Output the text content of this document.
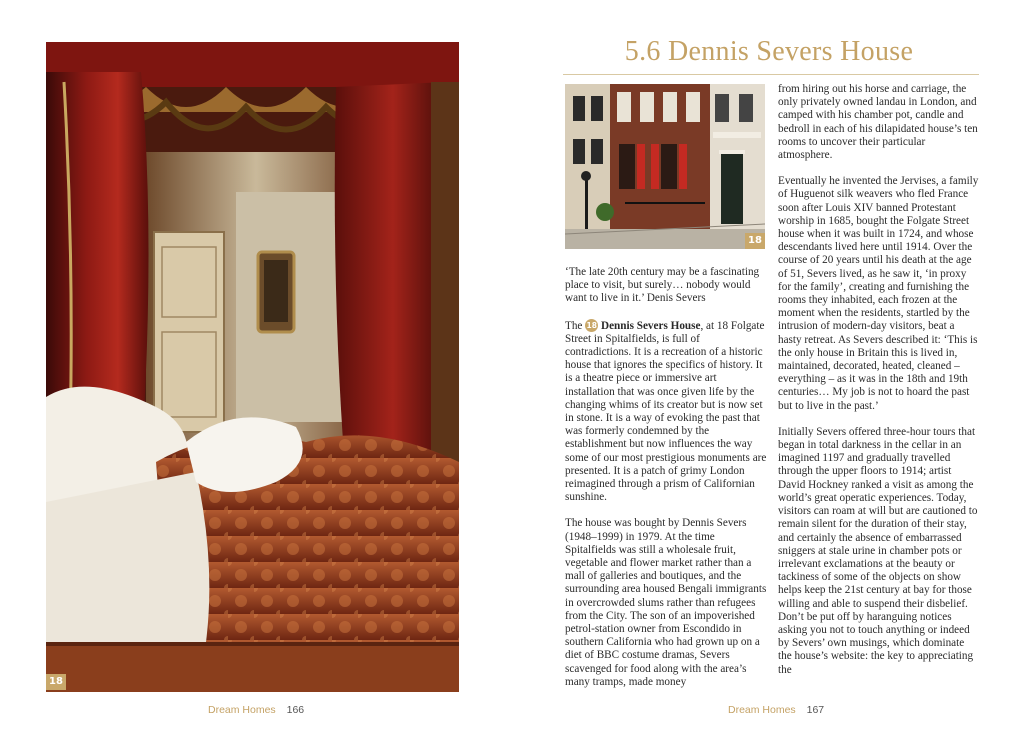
18
5.6 Dennis Severs House
18

‘The late 20th century may be a fascinating place to visit, but surely… nobody would want to live in it.’ Denis Severs

The 18 Dennis Severs House, at 18 Folgate Street in Spitalfields, is full of contradictions. It is a recreation of a historic house that ignores the specifics of history. It is a theatre piece or immersive art installation that was once given life by the changing whims of its creator but is now set in stone. It is a way of evoking the past that was formerly condemned by the establishment but now influences the way some of our most prestigious monuments are presented. It is a patch of grimy London reimagined through a prism of Californian sunshine.

The house was bought by Dennis Severs (1948–1999) in 1979. At the time Spitalfields was still a wholesale fruit, vegetable and flower market rather than a mall of galleries and boutiques, and the surrounding area housed Bengali immigrants in overcrowded slums rather than refugees from the City. The son of an impoverished petrol-station owner from Escondido in southern California who had grown up on a diet of BBC costume dramas, Severs scavenged for food along with the area’s many tramps, made money

from hiring out his horse and carriage, the only privately owned landau in London, and camped with his chamber pot, candle and bedroll in each of his dilapidated house’s ten rooms to uncover their particular atmosphere.

Eventually he invented the Jervises, a family of Huguenot silk weavers who fled France soon after Louis XIV banned Protestant worship in 1685, bought the Folgate Street house when it was built in 1724, and whose descendants lived here until 1914. Over the course of 20 years until his death at the age of 51, Severs lived, as he saw it, ‘in proxy for the family’, creating and furnishing the rooms they inhabited, each frozen at the moment when the residents, startled by the intrusion of modern-day visitors, beat a hasty retreat. As Severs described it: ‘This is the only house in Britain this is lived in, maintained, decorated, heated, cleaned – everything – as it was in the 18th and 19th centuries… My job is not to hoard the past but to live in the past.’

Initially Severs offered three-hour tours that began in total darkness in the cellar in an imagined 1197 and gradually travelled through the upper floors to 1914; artist David Hockney ranked a visit as among the world’s great operatic experiences. Today, visitors can roam at will but are cautioned to remain silent for the duration of their stay, and certainly the absence of embarrassed sniggers at stale urine in chamber pots or irrelevant exclamations at the beauty or tackiness of some of the objects on show helps keep the 21st century at bay for those willing and able to suspend their disbelief. Don’t be put off by haranguing notices asking you not to touch anything or indeed by Severs’ own musings, which dominate the house’s website: the key to appreciating the

Dream Homes 166	Dream Homes 167
